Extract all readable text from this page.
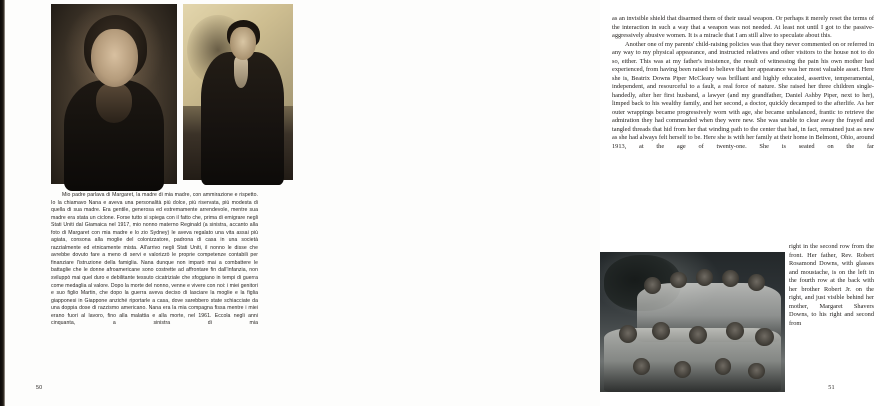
Mio padre parlava di Margaret, la madre di mia madre, con ammirazione e rispetto. Io la chiamavo Nana e aveva una personalità più dolce, più riservata, più modesta di quella di sua madre. Era gentile, generosa ed estremamente arrendevole, mentre sua madre era stata un ciclone. Forse tutto si spiega con il fatto che, prima di emigrare negli Stati Uniti dal Giamaica nel 1917, mio nonno materno Reginald (a sinistra, accanto alla foto di Margaret con mia madre e lo zio Sydney) le aveva regalato una vita assai più agiata, consona alla moglie del colonizzatore, padrona di casa in una società razzialmente ed etnicamente mista. All'arrivo negli Stati Uniti, il nonno le disse che avrebbe dovuto fare a meno di servi e valorizzò le proprie competenze contabili per finanziare l'istruzione della famiglia. Nana dunque non imparò mai a combattere le battaglie che le donne afroamericane sono costrette ad affrontare fin dall'infanzia, non sviluppò mai quel duro e debilitante tessuto cicatriziale che sfoggiano in tempi di guerra come medaglia al valore. Dopo la morte del nonno, venne e vivere con noi: i miei genitori e suo figlio Martin, che dopo la guerra aveva deciso di lasciare la moglie e la figlia giapponesi in Giappone anziché riportarle a casa, dove sarebbero state schiacciate da una doppia dose di razzismo americano. Nana era la mia compagna fissa mentre i miei erano fuori al lavoro, fino alla malattia e alla morte, nel 1961. Eccola negli anni cinquanta, a sinistra di mia

50

as an invisible shield that disarmed them of their usual weapon. Or perhaps it merely reset the terms of the interaction in such a way that a weapon was not needed. At least not until I got to the passive-aggressively abusive women. It is a miracle that I am still alive to speculate about this.

Another one of my parents' child-raising policies was that they never commented on or referred in any way to my physical appearance, and instructed relatives and other visitors to the house not to do so, either. This was at my father's insistence, the result of witnessing the pain his own mother had experienced, from having been raised to believe that her appearance was her most valuable asset. Here she is, Beatrix Downs Piper McCleary was brilliant and highly educated, assertive, temperamental, independent, and resourceful to a fault, a real force of nature. She raised her three children single-handedly, after her first husband, a lawyer (and my grandfather, Daniel Ashby Piper, next to her), limped back to his wealthy family, and her second, a doctor, quickly decamped to the afterlife. As her outer wrappings became progressively worn with age, she became unbalanced, frantic to retrieve the admiration they had commanded when they were new. She was unable to clear away the frayed and tangled threads that hid from her that winding path to the center that had, in fact, remained just as new as she had always felt herself to be. Here she is with her family at their home in Belmont, Ohio, around 1913, at the age of twenty-one. She is seated on the far

right in the second row from the front. Her father, Rev. Robert Rosamond Downs, with glasses and moustache, is on the left in the fourth row at the back with her brother Robert Jr. on the right, and just visible behind her mother, Margaret Shavers Downs, to his right and second from

51
